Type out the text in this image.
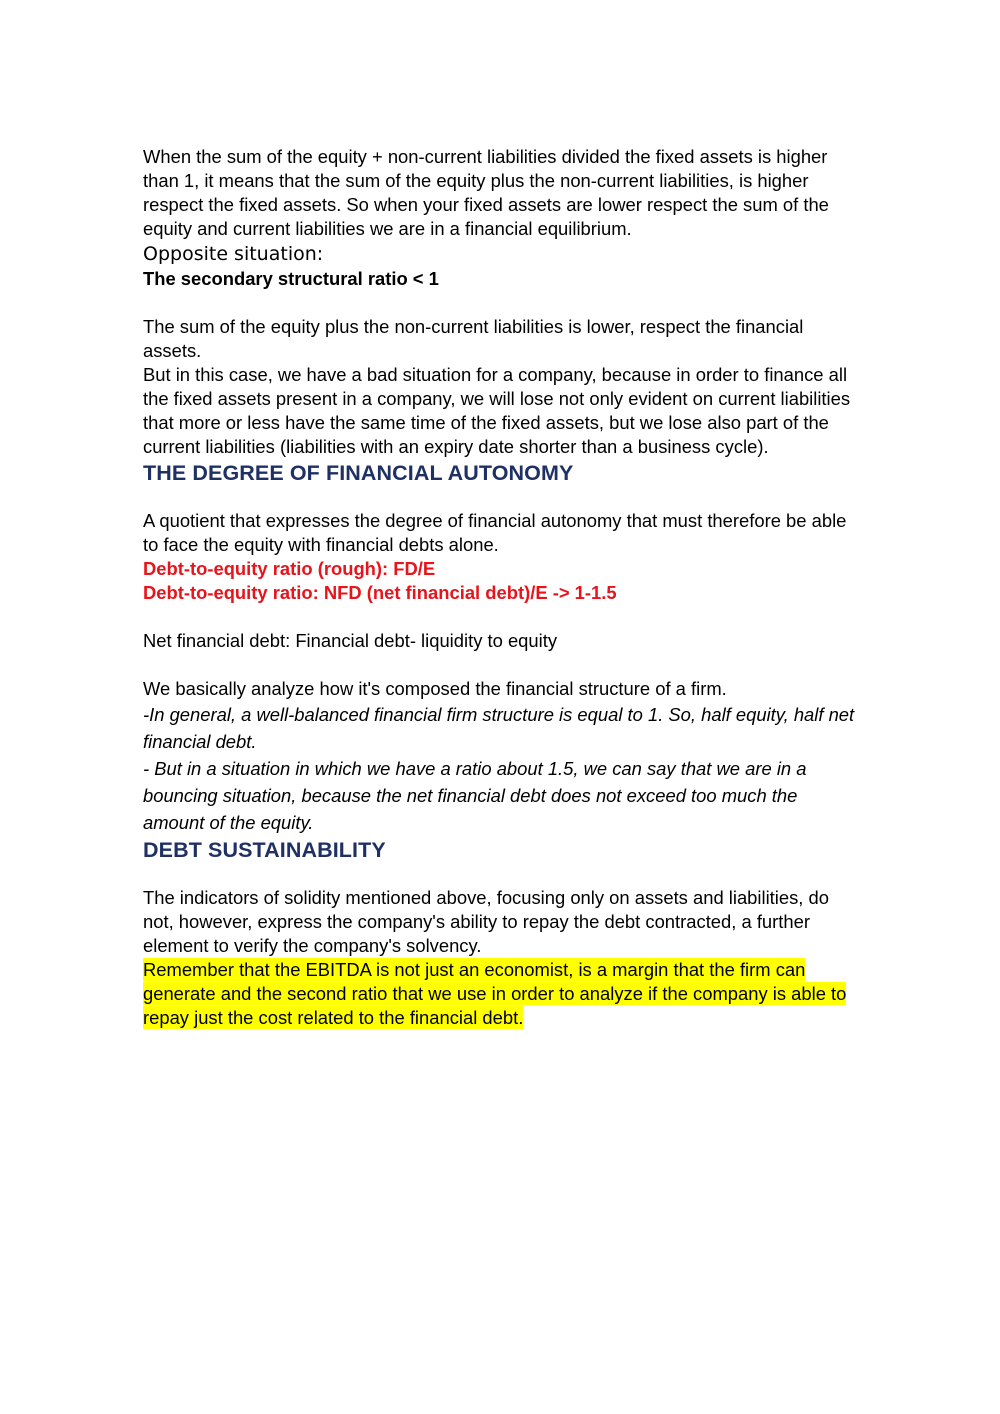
When the sum of the equity + non-current liabilities divided the fixed assets is higher than 1, it means that the sum of the equity plus the non-current liabilities, is higher respect the fixed assets. So when your fixed assets are lower respect the sum of the equity and current liabilities we are in a financial equilibrium.

Opposite situation:

The secondary structural ratio < 1

The sum of the equity plus the non-current liabilities is lower, respect the financial assets.

But in this case, we have a bad situation for a company, because in order to finance all the fixed assets present in a company, we will lose not only evident on current liabilities that more or less have the same time of the fixed assets, but we lose also part of the current liabilities (liabilities with an expiry date shorter than a business cycle).

THE DEGREE OF FINANCIAL AUTONOMY

A quotient that expresses the degree of financial autonomy that must therefore be able to face the equity with financial debts alone.

Debt-to-equity ratio (rough): FD/E

Debt-to-equity ratio: NFD (net financial debt)/E -> 1-1.5

Net financial debt: Financial debt- liquidity to equity

We basically analyze how it's composed the financial structure of a firm.

-In general, a well-balanced financial firm structure is equal to 1. So, half equity, half net financial debt.

- But in a situation in which we have a ratio about 1.5, we can say that we are in a bouncing situation, because the net financial debt does not exceed too much the amount of the equity.

DEBT SUSTAINABILITY

The indicators of solidity mentioned above, focusing only on assets and liabilities, do not, however, express the company's ability to repay the debt contracted, a further element to verify the company's solvency.

Remember that the EBITDA is not just an economist, is a margin that the firm can generate and the second ratio that we use in order to analyze if the company is able to repay just the cost related to the financial debt.
